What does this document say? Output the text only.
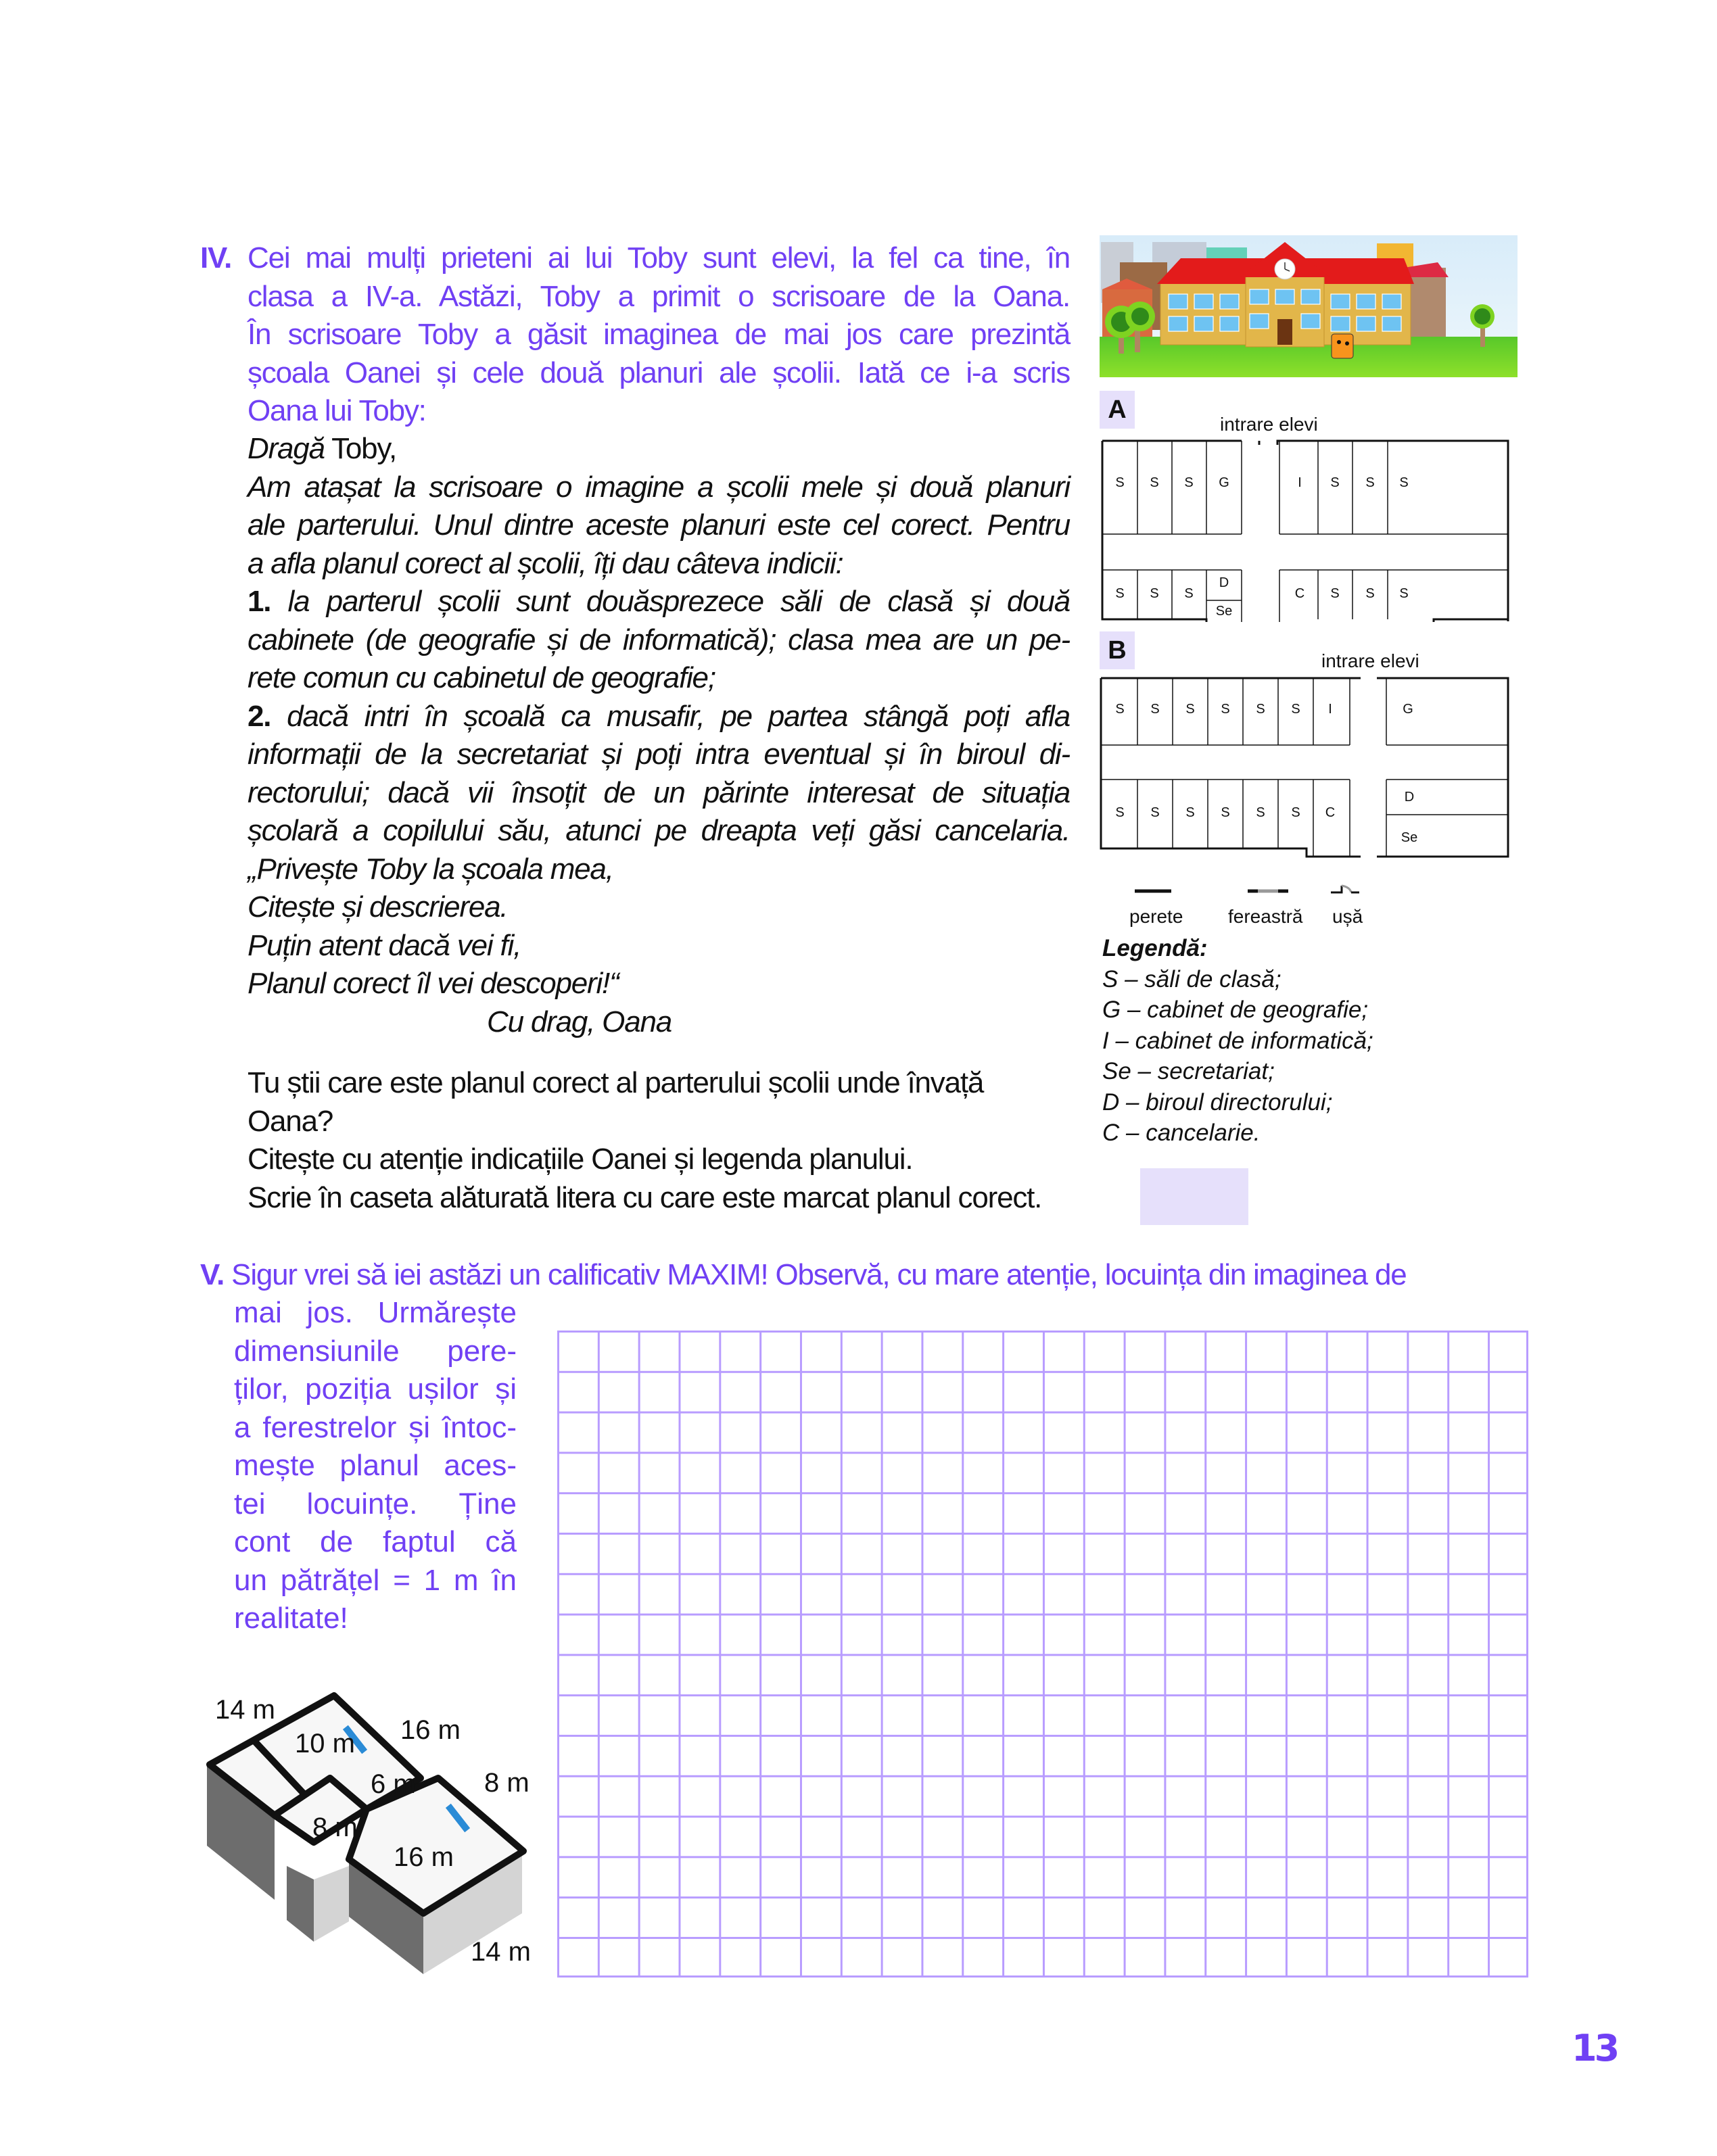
IV. Cei mai mulți prieteni ai lui Toby sunt elevi, la fel ca tine, în
clasa a IV-a. Astăzi, Toby a primit o scrisoare de la Oana.
În scrisoare Toby a găsit imaginea de mai jos care prezintă
școala Oanei și cele două planuri ale școlii. Iată ce i-a scris
Oana lui Toby:
Dragă Toby,
Am atașat la scrisoare o imagine a școlii mele și două planuri
ale parterului. Unul dintre aceste planuri este cel corect. Pentru
a afla planul corect al școlii, îți dau câteva indicii:
1. la parterul școlii sunt douăsprezece săli de clasă și două
cabinete (de geografie și de informatică); clasa mea are un pe-
rete comun cu cabinetul de geografie;
2. dacă intri în școală ca musafir, pe partea stângă poți afla
informații de la secretariat și poți intra eventual și în biroul di-
rectorului; dacă vii însoțit de un părinte interesat de situația
școlară a copilului său, atunci pe dreapta veți găsi cancelaria.
„Privește Toby la școala mea,
Citește și descrierea.
Puțin atent dacă vei fi,
Planul corect îl vei descoperi!“
Cu drag, Oana
Tu știi care este planul corect al parterului școlii unde învață
Oana?
Citește cu atenție indicațiile Oanei și legenda planului.
Scrie în caseta alăturată litera cu care este marcat planul corect.
A
intrare elevi
S S S G	I S S S
S S S
D
Se
C S S S
B	intrare elevi
S S S S S S I	G
S S S S S S C
D
Se
perete fereastră ușă
Legendă:
S – săli de clasă;
G – cabinet de geografie;
I – cabinet de informatică;
Se – secretariat;
D – biroul directorului;
C – cancelarie.
V. Sigur vrei să iei astăzi un calificativ MAXIM! Observă, cu mare atenție, locuința din imaginea de
mai jos. Urmărește
dimensiunile pere-
ților, poziția ușilor și
a ferestrelor și întoc-
mește planul aces-
tei locuințe. Ține
cont de faptul că
un pătrățel = 1 m în
realitate!
14 m
16 m
10 m
6 m	8 m
8 m
16 m
14 m
13
